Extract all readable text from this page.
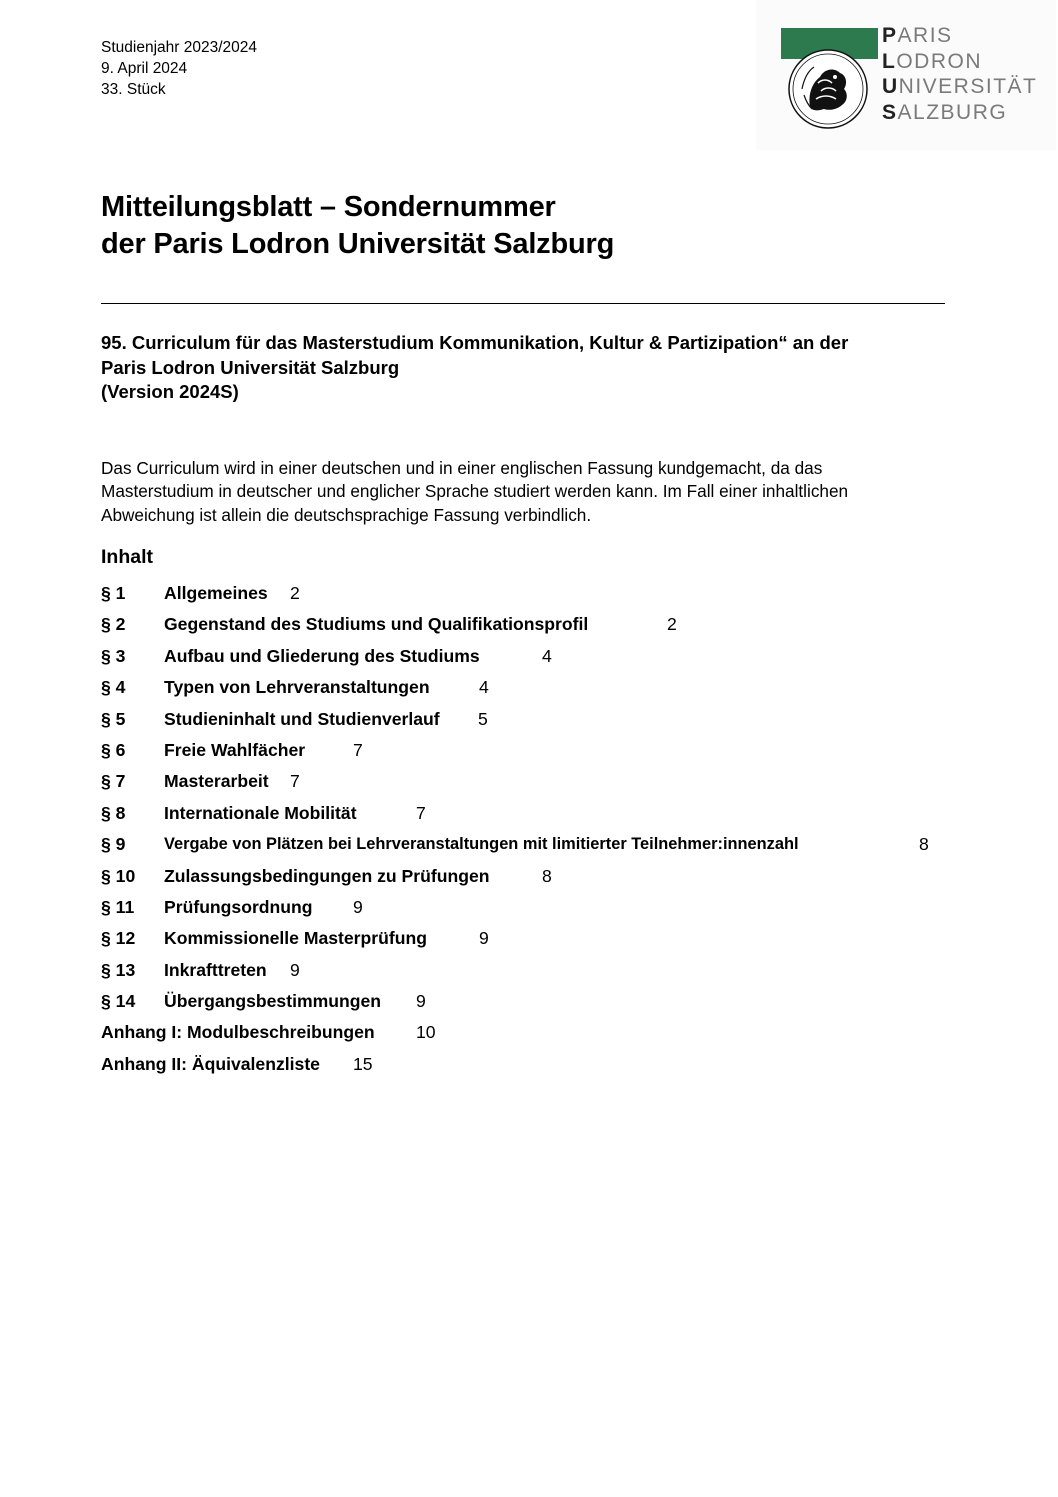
Studienjahr 2023/2024
9. April 2024
33. Stück
PARIS
LODRON
UNIVERSITÄT
SALZBURG
Mitteilungsblatt – Sondernummer
der Paris Lodron Universität Salzburg
95. Curriculum für das Masterstudium Kommunikation, Kultur & Partizipation“ an der
Paris Lodron Universität Salzburg
(Version 2024S)
Das Curriculum wird in einer deutschen und in einer englischen Fassung kundgemacht, da das
Masterstudium in deutscher und englicher Sprache studiert werden kann. Im Fall einer inhaltlichen
Abweichung ist allein die deutschsprachige Fassung verbindlich.
Inhalt
§ 1 Allgemeines 2
§ 2 Gegenstand des Studiums und Qualifikationsprofil	2
§ 3 Aufbau und Gliederung des Studiums	4
§ 4 Typen von Lehrveranstaltungen	4
§ 5 Studieninhalt und Studienverlauf 5
§ 6 Freie Wahlfächer	7
§ 7 Masterarbeit 7
§ 8 Internationale Mobilität	7
§ 9 Vergabe von Plätzen bei Lehrveranstaltungen mit limitierter Teilnehmer:innenzahl	8
§ 10 Zulassungsbedingungen zu Prüfungen	8
§ 11 Prüfungsordnung 9
§ 12 Kommissionelle Masterprüfung	9
§ 13 Inkrafttreten 9
§ 14 Übergangsbestimmungen 9
Anhang I: Modulbeschreibungen 10
Anhang II: Äquivalenzliste 15
